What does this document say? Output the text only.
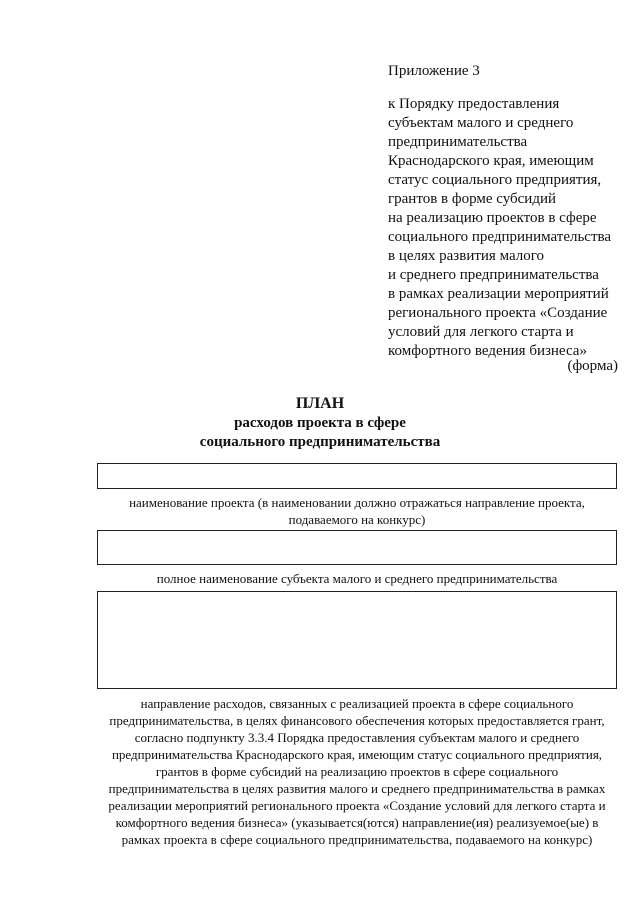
Приложение 3
к Порядку предоставления
субъектам малого и среднего
предпринимательства
Краснодарского края, имеющим
статус социального предприятия,
грантов в форме субсидий
на реализацию проектов в сфере
социального предпринимательства
в целях развития малого
и среднего предпринимательства
в рамках реализации мероприятий
регионального проекта «Создание
условий для легкого старта и
комфортного ведения бизнеса»
(форма)
ПЛАН
расходов проекта в сфере
социального предпринимательства
наименование проекта (в наименовании должно отражаться направление проекта,
подаваемого на конкурс)
полное наименование субъекта малого и среднего предпринимательства
направление расходов, связанных с реализацией проекта в сфере социального
предпринимательства, в целях финансового обеспечения которых предоставляется грант,
согласно подпункту 3.3.4 Порядка предоставления субъектам малого и среднего
предпринимательства Краснодарского края, имеющим статус социального предприятия,
грантов в форме субсидий на реализацию проектов в сфере социального
предпринимательства в целях развития малого и среднего предпринимательства в рамках
реализации мероприятий регионального проекта «Создание условий для легкого старта и
комфортного ведения бизнеса» (указывается(ются) направление(ия) реализуемое(ые) в
рамках проекта в сфере социального предпринимательства, подаваемого на конкурс)
